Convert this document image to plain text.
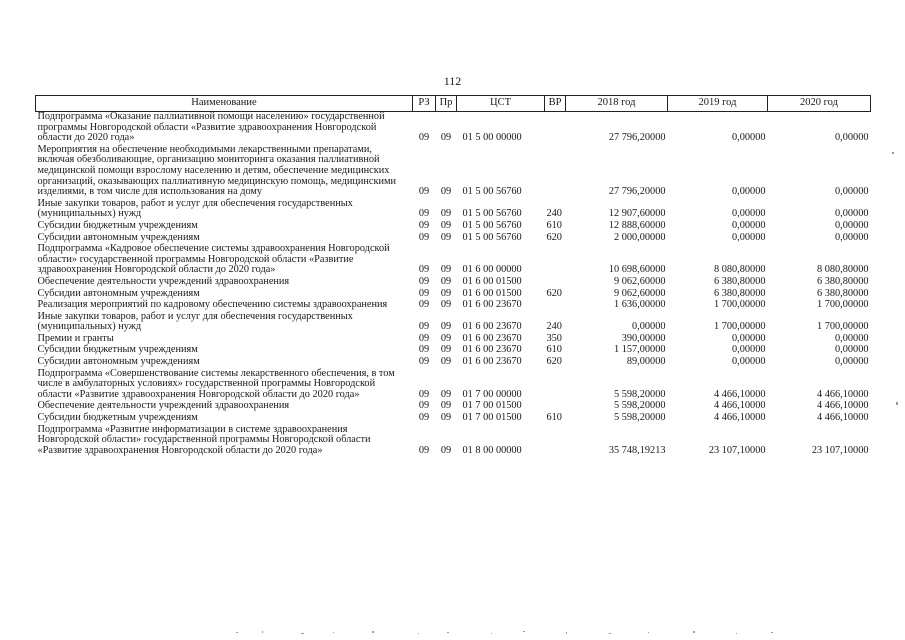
112
Наименование	РЗ	Пр	ЦСТ	ВР	2018 год	2019 год	2020 год
Подпрограмма «Оказание паллиативной помощи населению» государственной программы Новгородской области «Развитие здравоохранения Новгородской области до 2020 года»	09	09	01 5 00 00000		27 796,20000	0,00000	0,00000
Мероприятия на обеспечение необходимыми лекарственными препаратами, включая обезболивающие, организацию мониторинга оказания паллиативной медицинской помощи взрослому населению и детям, обеспечение медицинских организаций, оказывающих паллиативную медицинскую помощь, медицинскими изделиями, в том числе для использования на дому	09	09	01 5 00 56760		27 796,20000	0,00000	0,00000
Иные закупки товаров, работ и услуг для обеспечения государственных (муниципальных) нужд	09	09	01 5 00 56760	240	12 907,60000	0,00000	0,00000
Субсидии бюджетным учреждениям	09	09	01 5 00 56760	610	12 888,60000	0,00000	0,00000
Субсидии автономным учреждениям	09	09	01 5 00 56760	620	2 000,00000	0,00000	0,00000
Подпрограмма «Кадровое обеспечение системы здравоохранения Новгородской области» государственной программы Новгородской области «Развитие здравоохранения Новгородской области до 2020 года»	09	09	01 6 00 00000		10 698,60000	8 080,80000	8 080,80000
Обеспечение деятельности учреждений здравоохранения	09	09	01 6 00 01500		9 062,60000	6 380,80000	6 380,80000
Субсидии автономным учреждениям	09	09	01 6 00 01500	620	9 062,60000	6 380,80000	6 380,80000
Реализация мероприятий по кадровому обеспечению системы здравоохранения	09	09	01 6 00 23670		1 636,00000	1 700,00000	1 700,00000
Иные закупки товаров, работ и услуг для обеспечения государственных (муниципальных) нужд	09	09	01 6 00 23670	240	0,00000	1 700,00000	1 700,00000
Премии и гранты	09	09	01 6 00 23670	350	390,00000	0,00000	0,00000
Субсидии бюджетным учреждениям	09	09	01 6 00 23670	610	1 157,00000	0,00000	0,00000
Субсидии автономным учреждениям	09	09	01 6 00 23670	620	89,00000	0,00000	0,00000
Подпрограмма «Совершенствование системы лекарственного обеспечения, в том числе в амбулаторных условиях» государственной программы Новгородской области «Развитие здравоохранения Новгородской области до 2020 года»	09	09	01 7 00 00000		5 598,20000	4 466,10000	4 466,10000
Обеспечение деятельности учреждений здравоохранения	09	09	01 7 00 01500		5 598,20000	4 466,10000	4 466,10000
Субсидии бюджетным учреждениям	09	09	01 7 00 01500	610	5 598,20000	4 466,10000	4 466,10000
Подпрограмма «Развитие информатизации в системе здравоохранения Новгородской области» государственной программы Новгородской области «Развитие здравоохранения Новгородской области до 2020 года»	09	09	01 8 00 00000		35 748,19213	23 107,10000	23 107,10000
